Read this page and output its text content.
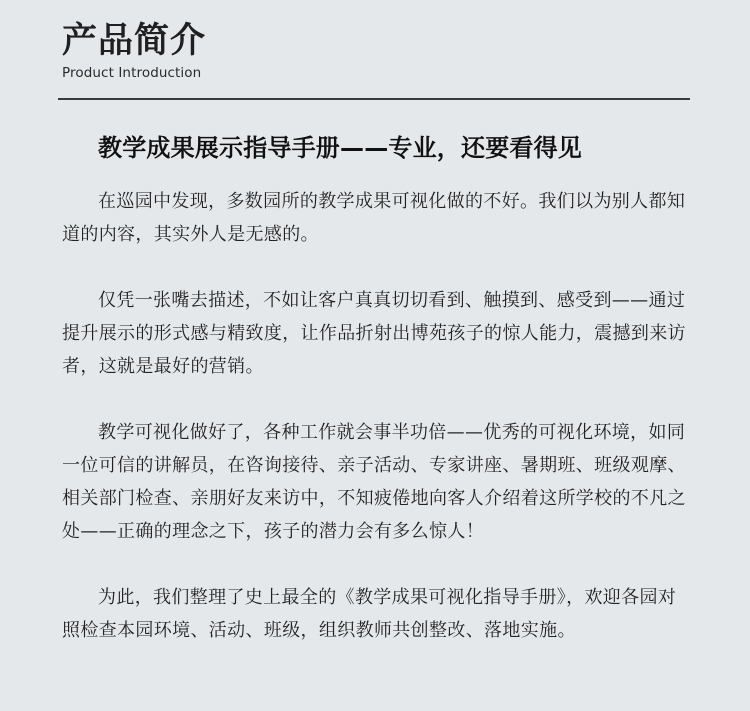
产品简介
Product Introduction
教学成果展示指导手册——专业，还要看得见

在巡园中发现，多数园所的教学成果可视化做的不好。我们以为别人都知道的内容，其实外人是无感的。

仅凭一张嘴去描述，不如让客户真真切切看到、触摸到、感受到——通过提升展示的形式感与精致度，让作品折射出博苑孩子的惊人能力，震撼到来访者，这就是最好的营销。

教学可视化做好了，各种工作就会事半功倍——优秀的可视化环境，如同一位可信的讲解员，在咨询接待、亲子活动、专家讲座、暑期班、班级观摩、相关部门检查、亲朋好友来访中，不知疲倦地向客人介绍着这所学校的不凡之处——正确的理念之下，孩子的潜力会有多么惊人！

为此，我们整理了史上最全的《教学成果可视化指导手册》，欢迎各园对照检查本园环境、活动、班级，组织教师共创整改、落地实施。
